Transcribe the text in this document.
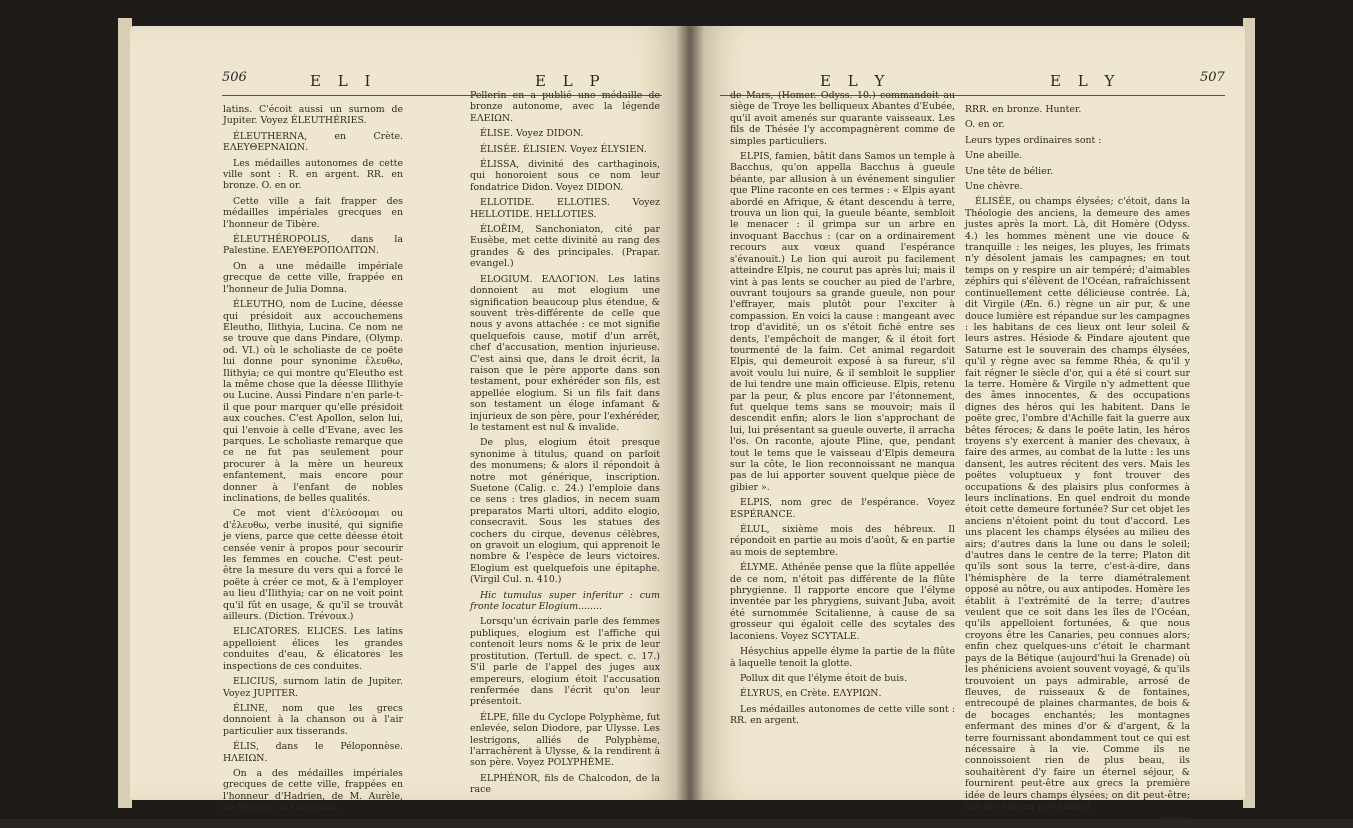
506	E L I	E L P

latins. C'écoit aussi un surnom de Jupiter. Voyez ÉLEUTHÉRIES.

ÉLEUTHERNA, en Crète. ΕΛΕΥΘΕΡΝΑΙΩΝ.

Les médailles autonomes de cette ville sont : R. en argent. RR. en bronze. O. en or.

Cette ville a fait frapper des médailles impériales grecques en l'honneur de Tibère.

ÉLEUTHÉROPOLIS, dans la Palestine. ΕΛΕΥΘΕΡΟΠΟΛΙΤΩΝ.

On a une médaille impériale grecque de cette ville, frappée en l'honneur de Julia Domna.

ÉLEUTHO, nom de Lucine, déesse qui présidoit aux accouchemens Eleutho, Ilithyia, Lucina. Ce nom ne se trouve que dans Pindare, (Olymp. od. VI.) où le scholiaste de ce poëte lui donne pour synonime ἐλευθω, Ilithyia; ce qui montre qu'Eleutho est la même chose que la déesse Illithyie ou Lucine. Aussi Pindare n'en parle-t-il que pour marquer qu'elle présidoit aux couches. C'est Apollon, selon lui, qui l'envoie à celle d'Evane, avec les parques. Le scholiaste remarque que ce ne fut pas seulement pour procurer à la mère un heureux enfantement, mais encore pour donner à l'enfant de nobles inclinations, de belles qualités.

Ce mot vient d'ἐλεύσομαι ou d'ἐλευθω, verbe inusité, qui signifie je viens, parce que cette déesse étoit censée venir à propos pour secourir les femmes en couche. C'est peut-être la mesure du vers qui a forcé le poëte à créer ce mot, & à l'employer au lieu d'Ilithyia; car on ne voit point qu'il fût en usage, & qu'il se trouvât ailleurs. (Diction. Trévoux.)

ELICATORES. ELICES. Les latins appelloient élices les grandes conduites d'eau, & élicatores les inspections de ces conduites.

ELICIUS, surnom latin de Jupiter. Voyez JUPITER.

ÉLINE, nom que les grecs donnoient à la chanson ou à l'air particulier aux tisserands.

ÉLIS, dans le Péloponnèse. ΗΛΕΙΩΝ.

On a des médailles impériales grecques de cette ville, frappées en l'honneur d'Hadrien, de M. Aurèle, de Sévère, de Caracalla.

Pellerin en a publié une médaille de bronze autonome, avec la légende ΕΛΕΙΩΝ.

ÉLISE. Voyez DIDON.

ÉLISÉE. ÉLISIEN. Voyez ÉLYSIEN.

ÉLISSA, divinité des carthaginois, qui honoroient sous ce nom leur fondatrice Didon. Voyez DIDON.

ELLOTIDE. ELLOTIES. Voyez HELLOTIDE. HELLOTIES.

ÉLOËIM, Sanchoniaton, cité par Eusèbe, met cette divinité au rang des grandes & des principales. (Prapar. evangel.)

ELOGIUM. ΕΛΛΟΓΙΟΝ. Les latins donnoient au mot elogium une signification beaucoup plus étendue, & souvent très-différente de celle que nous y avons attachée : ce mot signifie quelquefois cause, motif d'un arrêt, chef d'accusation, mention injurieuse. C'est ainsi que, dans le droit écrit, la raison que le père apporte dans son testament, pour exhéréder son fils, est appellée elogium. Si un fils fait dans son testament un éloge infamant & injurieux de son père, pour l'exhéréder, le testament est nul & invalide.

De plus, elogium étoit presque synonime à titulus, quand on parloit des monumens; & alors il répondoit à notre mot générique, inscription. Suetone (Calig. c. 24.) l'emploie dans ce sens : tres gladios, in necem suam preparatos Marti ultori, addito elogio, consecravit. Sous les statues des cochers du cirque, devenus célèbres, on gravoit un elogium, qui apprenoit le nombre & l'espèce de leurs victoires. Elogium est quelquefois une épitaphe. (Virgil Cul. n. 410.)

Hic tumulus super inferitur : cum fronte locatur Elogium........

Lorsqu'un écrivain parle des femmes publiques, elogium est l'affiche qui contenoit leurs noms & le prix de leur prostitution. (Tertull. de spect. c. 17.) S'il parle de l'appel des juges aux empereurs, elogium étoit l'accusation renfermée dans l'écrit qu'on leur présentoit.

ÉLPE, fille du Cyclope Polyphème, fut enlevée, selon Diodore, par Ulysse. Les lestrigons, alliés de Polyphème, l'arrachèrent à Ulysse, & la rendirent à son père. Voyez POLYPHÈME.

ELPHÉNOR, fils de Chalcodon, de la race

E L Y	E L Y	507

de Mars, (Homer. Odyss. 10.) commandoit au siège de Troye les belliqueux Abantes d'Eubée, qu'il avoit amenés sur quarante vaisseaux. Les fils de Thésée l'y accompagnèrent comme de simples particuliers.

ELPIS, famien, bâtit dans Samos un temple à Bacchus, qu'on appella Bacchus à gueule béante, par allusion à un événement singulier que Pline raconte en ces termes : « Elpis ayant abordé en Afrique, & étant descendu à terre, trouva un lion qui, la gueule béante, sembloit le menacer : il grimpa sur un arbre en invoquant Bacchus : (car on a ordinairement recours aux vœux quand l'espérance s'évanouit.) Le lion qui auroit pu facilement atteindre Elpis, ne courut pas après lui; mais il vint à pas lents se coucher au pied de l'arbre, ouvrant toujours sa grande gueule, non pour l'effrayer, mais plutôt pour l'exciter à compassion. En voici la cause : mangeant avec trop d'avidité, un os s'étoit fiché entre ses dents, l'empêchoit de manger, & il étoit fort tourmenté de la faim. Cet animal regardoit Elpis, qui demeuroit exposé à sa fureur, s'il avoit voulu lui nuire, & il sembloit le supplier de lui tendre une main officieuse. Elpis, retenu par la peur, & plus encore par l'étonnement, fut quelque tems sans se mouvoir; mais il descendit enfin; alors le lion s'approchant de lui, lui présentant sa gueule ouverte, il arracha l'os. On raconte, ajoute Pline, que, pendant tout le tems que le vaisseau d'Elpis demeura sur la côte, le lion reconnoissant ne manqua pas de lui apporter souvent quelque pièce de gibier ».

ELPIS, nom grec de l'espérance. Voyez ESPÉRANCE.

ÉLUL, sixième mois des hébreux. Il répondoit en partie au mois d'août, & en partie au mois de septembre.

ÉLYME. Athénée pense que la flûte appellée de ce nom, n'étoit pas différente de la flûte phrygienne. Il rapporte encore que l'élyme inventée par les phrygiens, suivant Juba, avoit été surnommée Scitalienne, à cause de sa grosseur qui égaloit celle des scytales des laconiens. Voyez SCYTALE.

Hésychius appelle élyme la partie de la flûte à laquelle tenoit la glotte.

Pollux dit que l'élyme étoit de buis.

ÉLYRUS, en Crète. ΕΛΥΡΙΩΝ.

Les médailles autonomes de cette ville sont : RR. en argent.

RRR. en bronze. Hunter.

O. en or.

Leurs types ordinaires sont :

Une abeille.

Une tête de bélier.

Une chèvre.

ÉLISÉE, ou champs élysées; c'étoit, dans la Théologie des anciens, la demeure des ames justes après la mort. Là, dit Homère (Odyss. 4.) les hommes mènent une vie douce & tranquille : les neiges, les pluyes, les frimats n'y désolent jamais les campagnes; en tout temps on y respire un air tempéré; d'aimables zéphirs qui s'élèvent de l'Océan, rafraîchissent continuellement cette délicieuse contrée. Là, dit Virgile (Æn. 6.) règne un air pur, & une douce lumière est répandue sur les campagnes : les habitans de ces lieux ont leur soleil & leurs astres. Hésiode & Pindare ajoutent que Saturne est le souverain des champs élysées, qu'il y règne avec sa femme Rhéa, & qu'il y fait régner le siècle d'or, qui a été si court sur la terre. Homère & Virgile n'y admettent que des âmes innocentes, & des occupations dignes des héros qui les habitent. Dans le poëte grec, l'ombre d'Achille fait la guerre aux bêtes féroces; & dans le poëte latin, les héros troyens s'y exercent à manier des chevaux, à faire des armes, au combat de la lutte : les uns dansent, les autres récitent des vers. Mais les poëtes voluptueux y font trouver des occupations & des plaisirs plus conformes à leurs inclinations. En quel endroit du monde étoit cette demeure fortunée? Sur cet objet les anciens n'étoient point du tout d'accord. Les uns placent les champs élysées au milieu des airs; d'autres dans la lune ou dans le soleil; d'autres dans le centre de la terre; Platon dit qu'ils sont sous la terre, c'est-à-dire, dans l'hémisphère de la terre diamétralement opposé au nôtre, ou aux antipodes. Homère les établit à l'extrémité de la terre; d'autres veulent que ce soit dans les îles de l'Océan, qu'ils appelloient fortunées, & que nous croyons être les Canaries, peu connues alors; enfin chez quelques-uns c'étoit le charmant pays de la Bétique (aujourd'hui la Grenade) où les phéniciens avoient souvent voyagé, & qu'ils trouvoient un pays admirable, arrosé de fleuves, de ruisseaux & de fontaines, entrecoupé de plaines charmantes, de bois & de bocages enchantés; les montagnes enfermant des mines d'or & d'argent, & la terre fournissant abondamment tout ce qui est nécessaire à la vie. Comme ils ne connoissoient rien de plus beau, ils souhaitèrent d'y faire un éternel séjour, & fournirent peut-être aux grecs la première idée de leurs champs élysées; on dit peut-être; car des savans prétendent

Sfff ij
